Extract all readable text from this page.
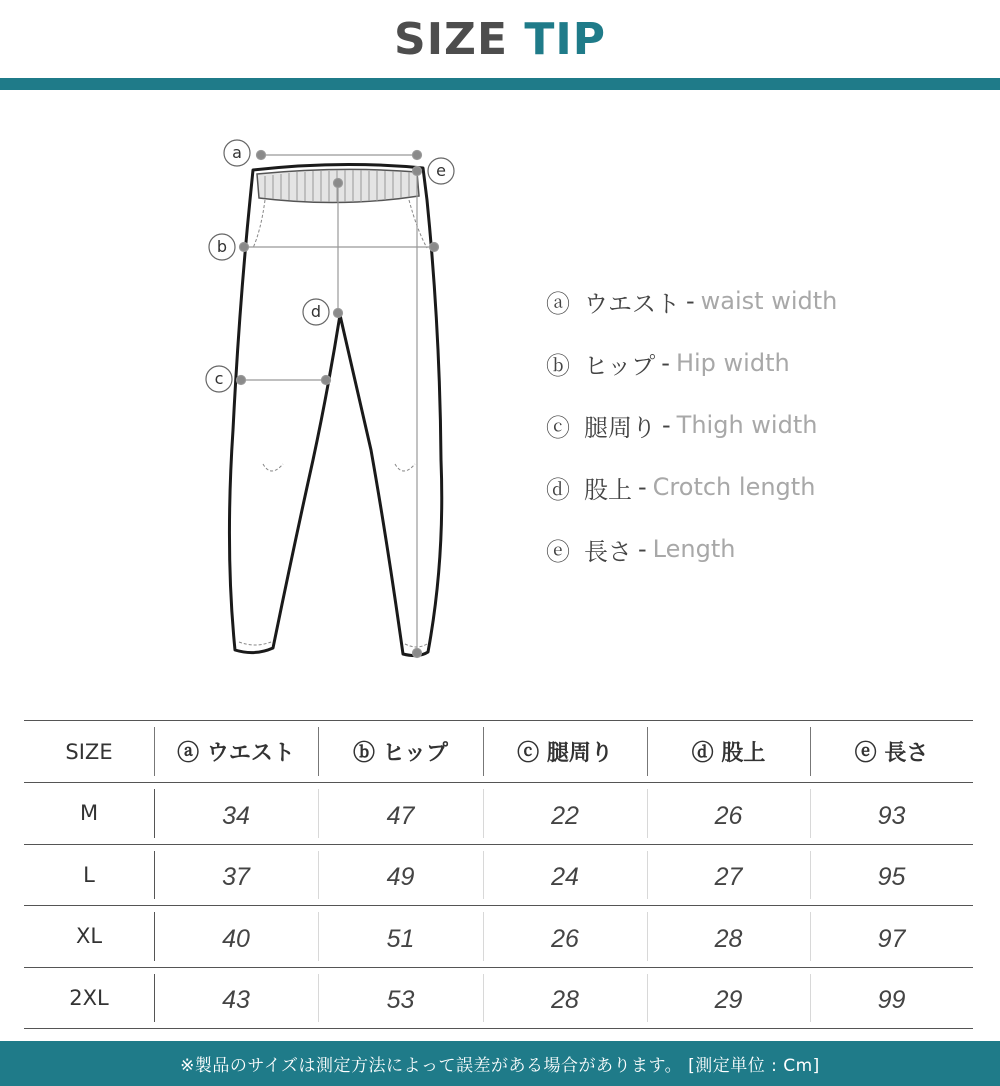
SIZE TIP
a
e
b
d
c
ⓐ ウエスト - waist width
ⓑ ヒップ - Hip width
ⓒ 腿周り - Thigh width
ⓓ 股上 - Crotch length
ⓔ 長さ - Length
SIZE	ⓐ ウエスト	ⓑ ヒップ	ⓒ 腿周り	ⓓ 股上	ⓔ 長さ
M	34	47	22	26	93
L	37	49	24	27	95
XL	40	51	26	28	97
2XL	43	53	28	29	99
※製品のサイズは測定方法によって誤差がある場合があります。 [測定単位 : Cm]
